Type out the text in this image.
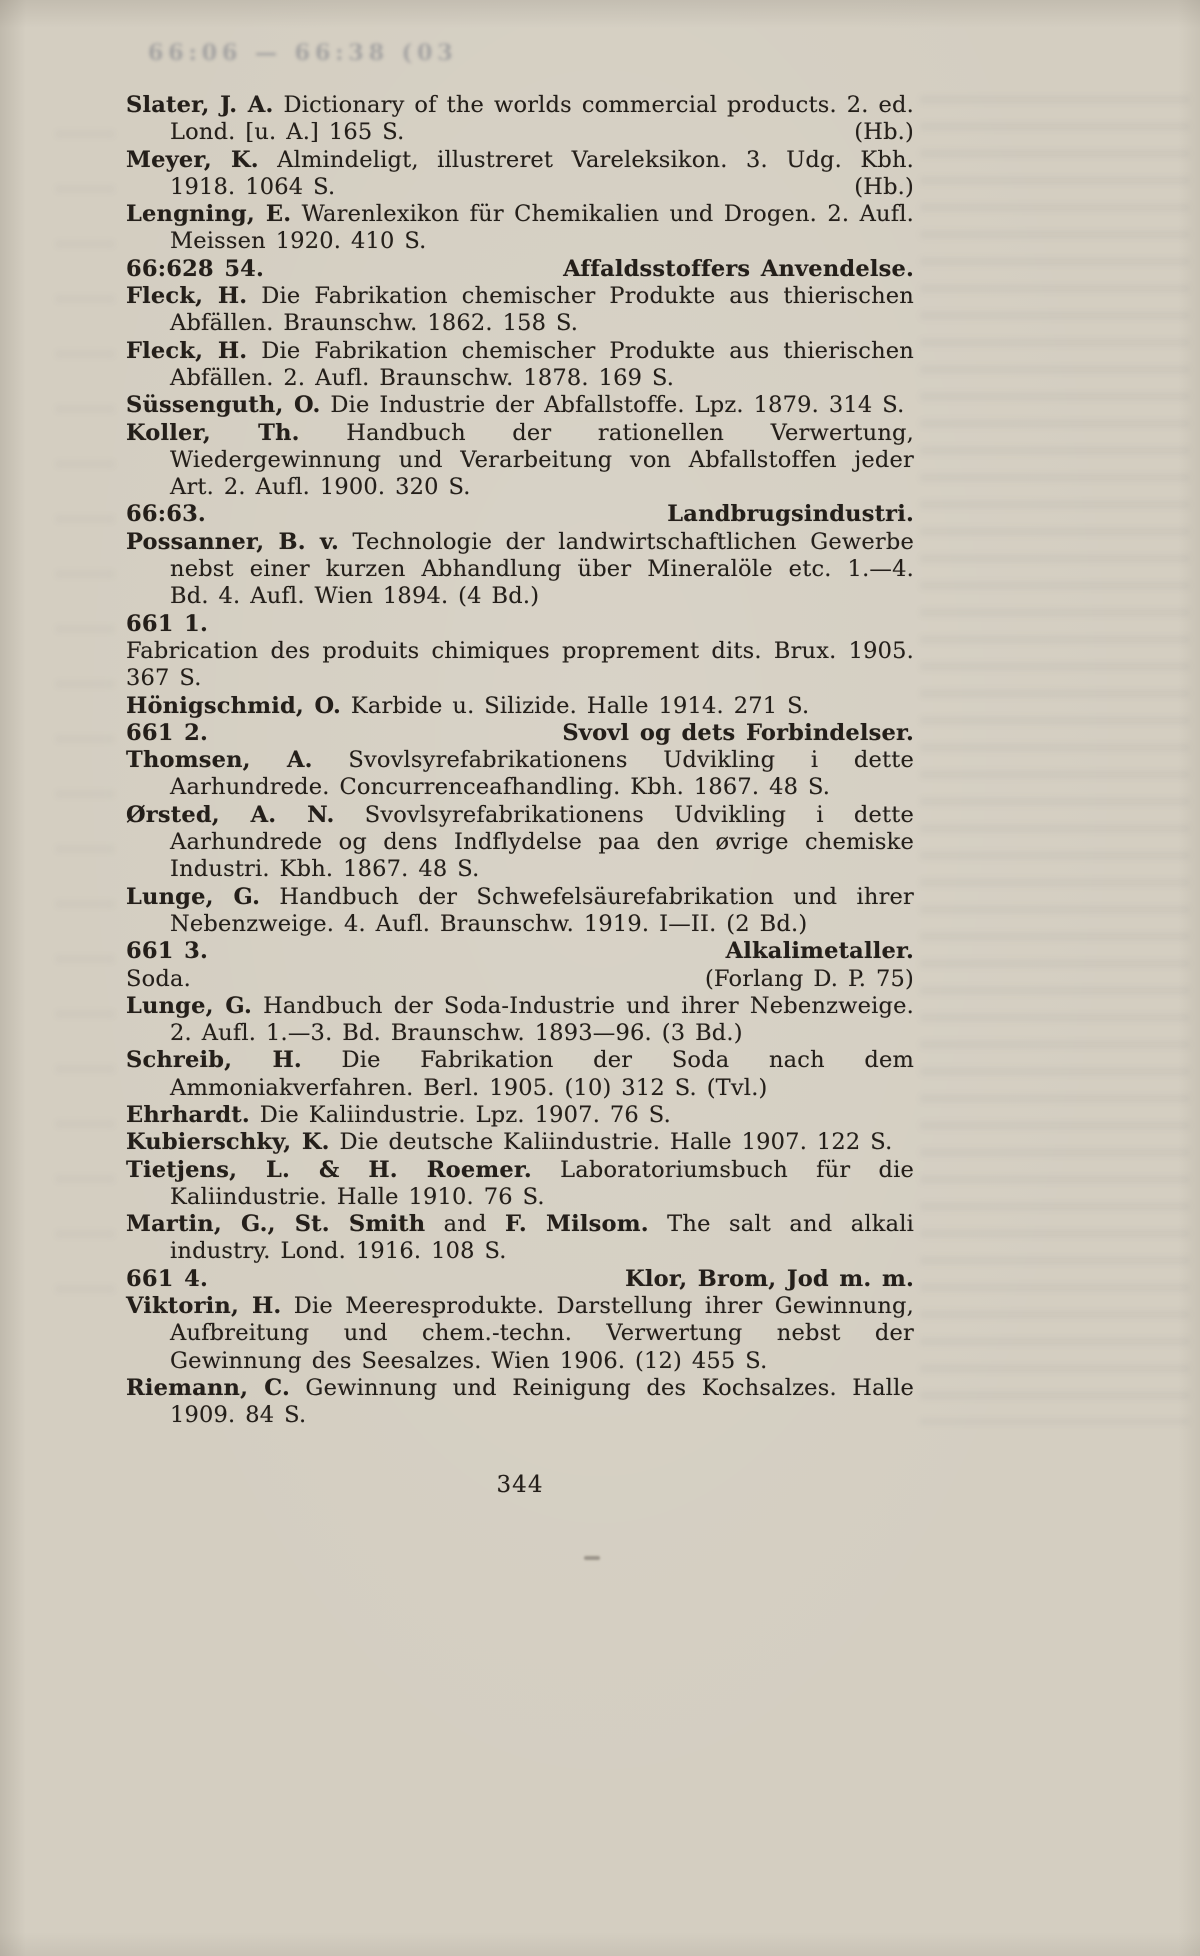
66:06 — 66:38 (03

Slater, J. A. Dictionary of the worlds commercial products. 2. ed. Lond. [u. A.] 165 S.	(Hb.)

Meyer, K. Almindeligt, illustreret Vareleksikon. 3. Udg. Kbh. 1918. 1064 S.	(Hb.)

Lengning, E. Warenlexikon für Chemikalien und Drogen. 2. Aufl. Meissen 1920. 410 S.

66:628 54.	Affaldsstoffers Anvendelse.

Fleck, H. Die Fabrikation chemischer Produkte aus thierischen Abfällen. Braunschw. 1862. 158 S.

Fleck, H. Die Fabrikation chemischer Produkte aus thierischen Abfällen. 2. Aufl. Braunschw. 1878. 169 S.

Süssenguth, O. Die Industrie der Abfallstoffe. Lpz. 1879. 314 S.

Koller, Th. Handbuch der rationellen Verwertung, Wiedergewinnung und Verarbeitung von Abfallstoffen jeder Art. 2. Aufl. 1900. 320 S.

66:63.	Landbrugsindustri.

Possanner, B. v. Technologie der landwirtschaftlichen Gewerbe nebst einer kurzen Abhandlung über Mineralöle etc. 1.—4. Bd. 4. Aufl. Wien 1894. (4 Bd.)

661 1.

Fabrication des produits chimiques proprement dits. Brux. 1905. 367 S.

Hönigschmid, O. Karbide u. Silizide. Halle 1914. 271 S.

661 2.	Svovl og dets Forbindelser.

Thomsen, A. Svovlsyrefabrikationens Udvikling i dette Aarhundrede. Concurrenceafhandling. Kbh. 1867. 48 S.

Ørsted, A. N. Svovlsyrefabrikationens Udvikling i dette Aarhundrede og dens Indflydelse paa den øvrige chemiske Industri. Kbh. 1867. 48 S.

Lunge, G. Handbuch der Schwefelsäurefabrikation und ihrer Nebenzweige. 4. Aufl. Braunschw. 1919. I—II. (2 Bd.)

661 3.	Alkalimetaller.

Soda.	(Forlang D. P. 75)

Lunge, G. Handbuch der Soda-Industrie und ihrer Nebenzweige. 2. Aufl. 1.—3. Bd. Braunschw. 1893—96. (3 Bd.)

Schreib, H. Die Fabrikation der Soda nach dem Ammoniakverfahren. Berl. 1905. (10) 312 S. (Tvl.)

Ehrhardt. Die Kaliindustrie. Lpz. 1907. 76 S.

Kubierschky, K. Die deutsche Kaliindustrie. Halle 1907. 122 S.

Tietjens, L. & H. Roemer. Laboratoriumsbuch für die Kaliindustrie. Halle 1910. 76 S.

Martin, G., St. Smith and F. Milsom. The salt and alkali industry. Lond. 1916. 108 S.

661 4.	Klor, Brom, Jod m. m.

Viktorin, H. Die Meeresprodukte. Darstellung ihrer Gewinnung, Aufbreitung und chem.-techn. Verwertung nebst der Gewinnung des Seesalzes. Wien 1906. (12) 455 S.

Riemann, C. Gewinnung und Reinigung des Kochsalzes. Halle 1909. 84 S.

344
